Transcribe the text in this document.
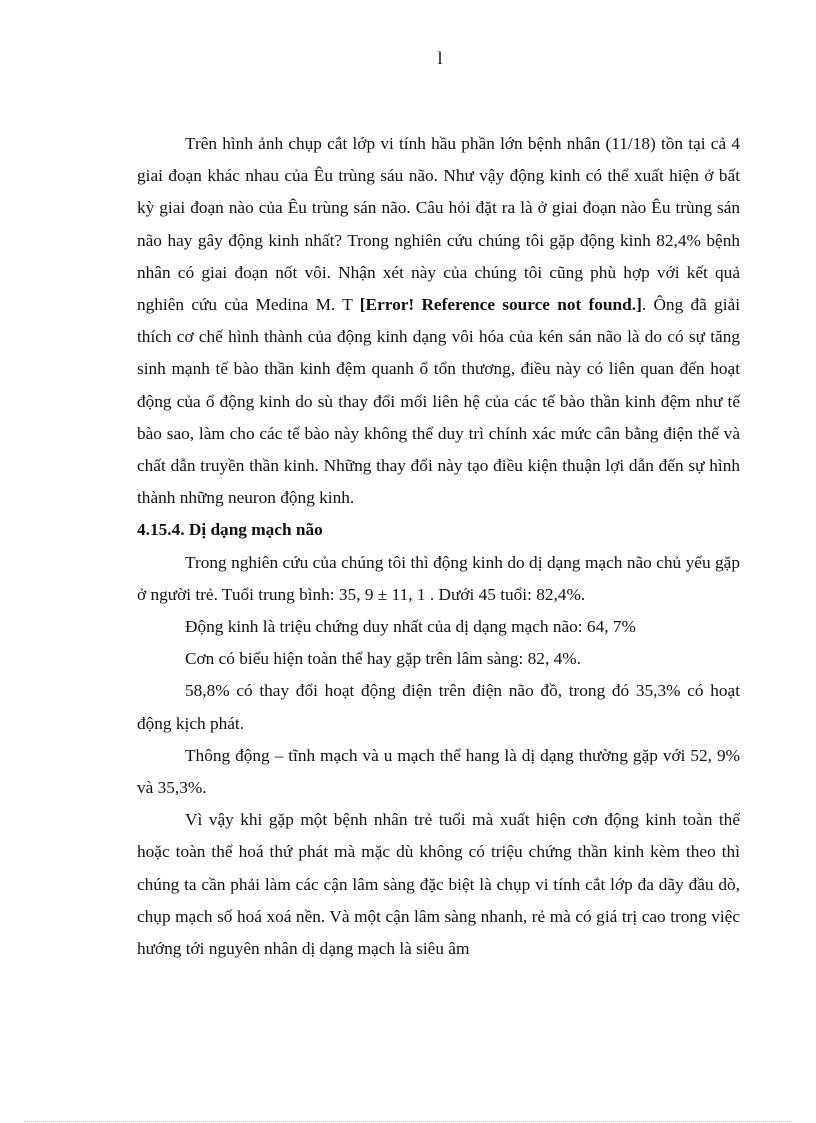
l

Trên hình ảnh chụp cắt lớp vi tính hầu phần lớn bệnh nhân (11/18) tồn tại cả 4 giai đoạn khác nhau của Êu trùng sáu não. Như vậy động kinh có thể xuất hiện ở bất kỳ giai đoạn nào của Êu trùng sán não. Câu hỏi đặt ra là ở giai đoạn nào Êu trùng sán não hay gây động kinh nhất? Trong nghiên cứu chúng tôi gặp động kinh 82,4% bệnh nhân có giai đoạn nốt vôi. Nhận xét này của chúng tôi cũng phù hợp với kết quả nghiên cứu của Medina M. T [Error! Reference source not found.]. Ông đã giải thích cơ chế hình thành của động kinh dạng vôi hóa của kén sán não là do có sự tăng sinh mạnh tế bào thần kinh đệm quanh ổ tổn thương, điều này có liên quan đến hoạt động của ổ động kinh do sù thay đổi mối liên hệ của các tế bào thần kinh đệm như tế bào sao, làm cho các tế bào này không thể duy trì chính xác mức cân bằng điện thế và chất dẫn truyền thần kinh. Những thay đổi này tạo điều kiện thuận lợi dẫn đến sự hình thành những neuron động kinh.

4.15.4. Dị dạng mạch não

Trong nghiên cứu của chúng tôi thì động kinh do dị dạng mạch não chủ yếu gặp ở người trẻ. Tuổi trung bình: 35, 9 ± 11, 1 . Dưới 45 tuổi: 82,4%.

Động kinh là triệu chứng duy nhất của dị dạng mạch não: 64, 7%

Cơn có biểu hiện toàn thể hay gặp trên lâm sàng: 82, 4%.

58,8% có thay đổi hoạt động điện trên điện não đồ, trong đó 35,3% có hoạt động kịch phát.

Thông động – tĩnh mạch và u mạch thể hang là dị dạng thường gặp với 52, 9% và 35,3%.

Vì vậy khi gặp một bệnh nhân trẻ tuổi mà xuất hiện cơn động kinh toàn thể hoặc toàn thể hoá thứ phát mà mặc dù không có triệu chứng thần kinh kèm theo thì chúng ta cần phải làm các cận lâm sàng đặc biệt là chụp vi tính cắt lớp đa dãy đầu dò, chụp mạch số hoá xoá nền. Và một cận lâm sàng nhanh, rẻ mà có giá trị cao trong việc hướng tới nguyên nhân dị dạng mạch là siêu âm
